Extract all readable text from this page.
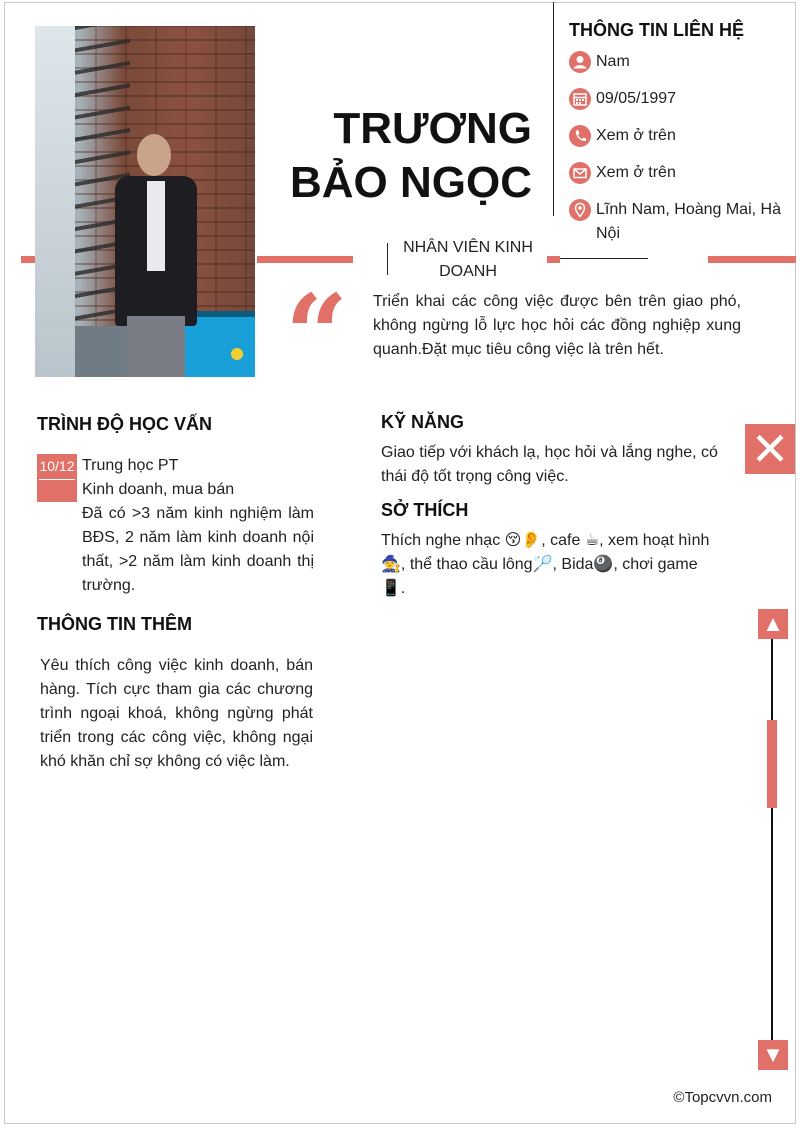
TRƯƠNG
BẢO NGỌC
NHÂN VIÊN KINH DOANH
THÔNG TIN LIÊN HỆ
Nam
09/05/1997
Xem ở trên
Xem ở trên
Lĩnh Nam, Hoàng Mai, Hà Nội
“ Triển khai các công việc được bên trên giao phó, không ngừng lỗ lực học hỏi các đồng nghiệp xung quanh.Đặt mục tiêu công việc là trên hết.
TRÌNH ĐỘ HỌC VẤN
10/12 Trung học PT
Kinh doanh, mua bán
Đã có >3 năm kinh nghiệm làm BĐS, 2 năm làm kinh doanh nội thất, >2 năm làm kinh doanh thị trường.
THÔNG TIN THÊM
Yêu thích công việc kinh doanh, bán hàng. Tích cực tham gia các chương trình ngoại khoá, không ngừng phát triển trong các công việc, không ngại khó khăn chỉ sợ không có việc làm.
KỸ NĂNG
Giao tiếp với khách lạ, học hỏi và lắng nghe, có thái độ tốt trọng công việc.
SỞ THÍCH
Thích nghe nhạc 😚👂, cafe ☕, xem hoạt hình 🧙, thể thao cầu lông🏸, Bida🎱, chơi game 📱.
✕
▲
▼
©Topcvvn.com
